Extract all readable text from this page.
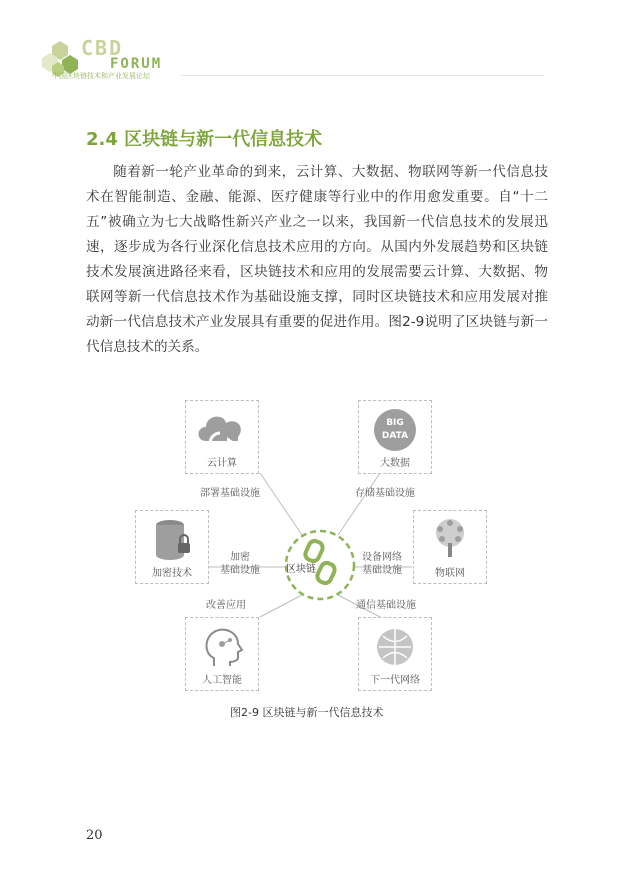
CBD
FORUM
中国区块链技术和产业发展论坛
2.4 区块链与新一代信息技术
随着新一轮产业革命的到来，云计算、大数据、物联网等新一代信息技术在智能制造、金融、能源、医疗健康等行业中的作用愈发重要。自“十二五”被确立为七大战略性新兴产业之一以来，我国新一代信息技术的发展迅速，逐步成为各行业深化信息技术应用的方向。从国内外发展趋势和区块链技术发展演进路径来看，区块链技术和应用的发展需要云计算、大数据、物联网等新一代信息技术作为基础设施支撑，同时区块链技术和应用发展对推动新一代信息技术产业发展具有重要的促进作用。图2-9说明了区块链与新一代信息技术的关系。
云计算
BIG DATA
大数据
加密技术	物联网
人工智能	下一代网络
部署基础设施	存储基础设施
加密
基础设施
设备网络
基础设施
区块链
改善应用	通信基础设施
图2-9 区块链与新一代信息技术
20
